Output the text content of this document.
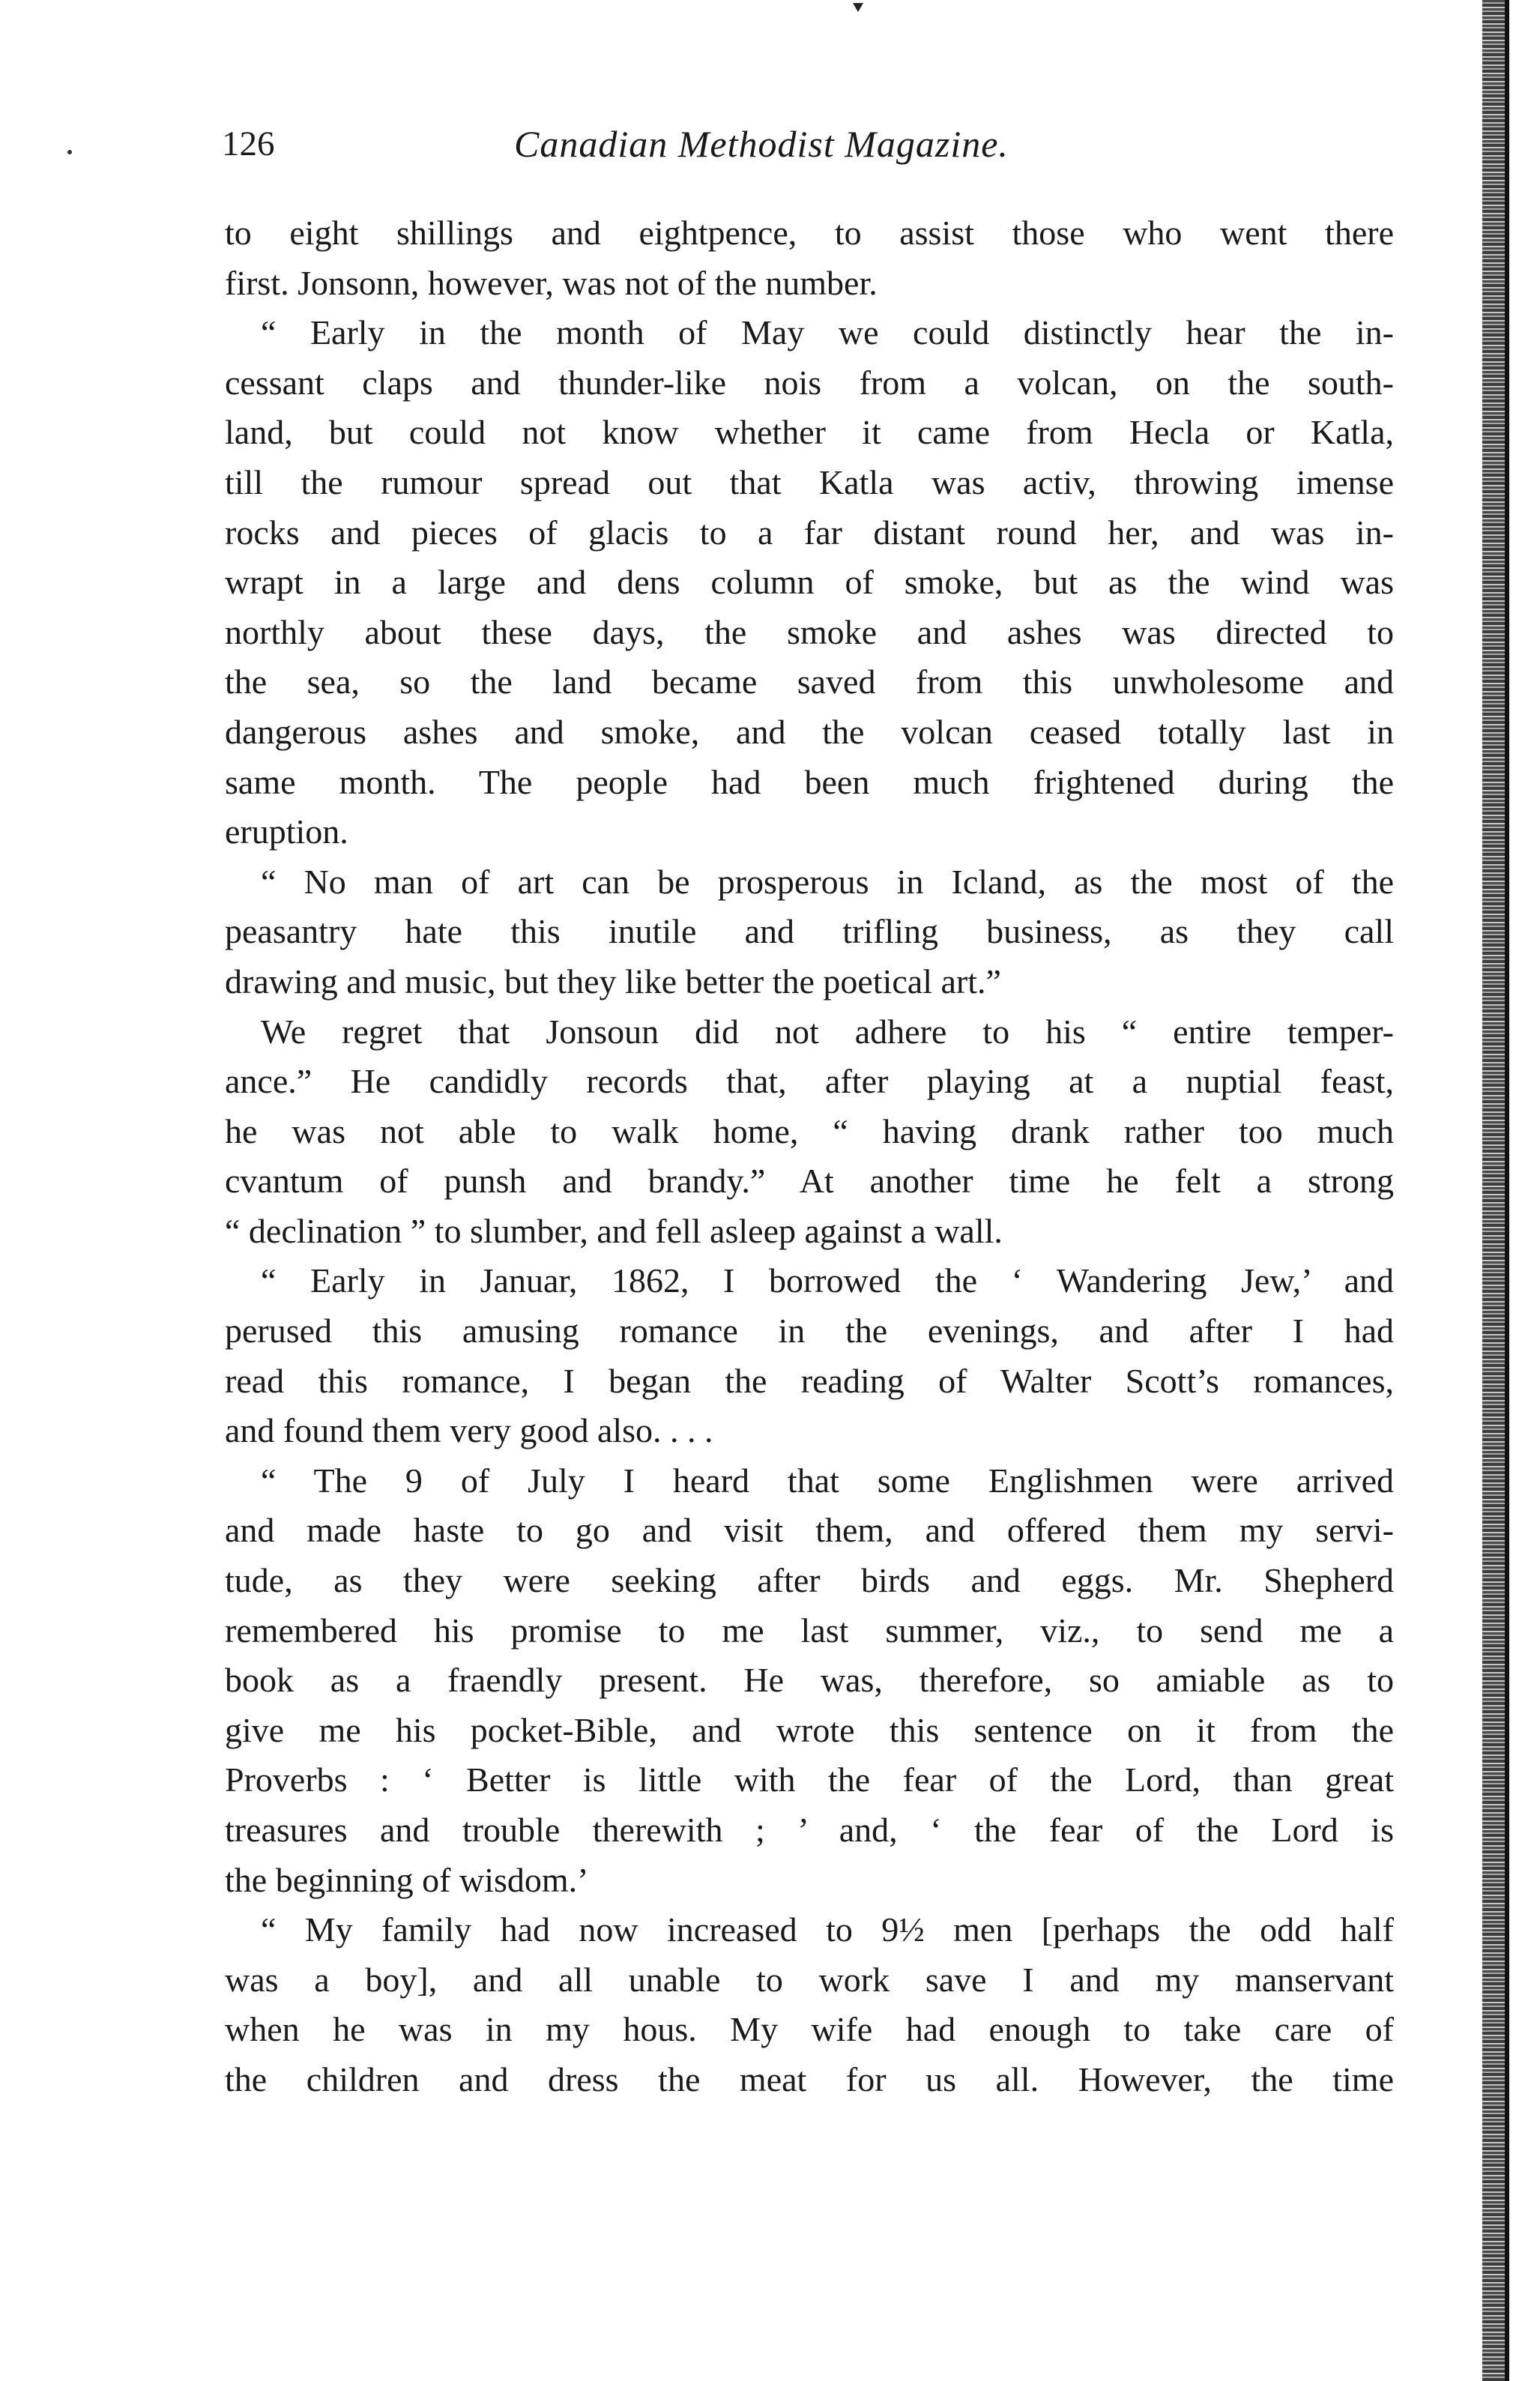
126	Canadian Methodist Magazine.
to eight shillings and eightpence, to assist those who went there
first. Jonsonn, however, was not of the number.
“ Early in the month of May we could distinctly hear the in-
cessant claps and thunder-like nois from a volcan, on the south-
land, but could not know whether it came from Hecla or Katla,
till the rumour spread out that Katla was activ, throwing imense
rocks and pieces of glacis to a far distant round her, and was in-
wrapt in a large and dens column of smoke, but as the wind was
northly about these days, the smoke and ashes was directed to
the sea, so the land became saved from this unwholesome and
dangerous ashes and smoke, and the volcan ceased totally last in
same month. The people had been much frightened during the
eruption.
“ No man of art can be prosperous in Icland, as the most of the
peasantry hate this inutile and trifling business, as they call
drawing and music, but they like better the poetical art.”
We regret that Jonsoun did not adhere to his “ entire temper-
ance.” He candidly records that, after playing at a nuptial feast,
he was not able to walk home, “ having drank rather too much
cvantum of punsh and brandy.” At another time he felt a strong
“ declination ” to slumber, and fell asleep against a wall.
“ Early in Januar, 1862, I borrowed the ‘ Wandering Jew,’ and
perused this amusing romance in the evenings, and after I had
read this romance, I began the reading of Walter Scott’s romances,
and found them very good also. . . .
“ The 9 of July I heard that some Englishmen were arrived
and made haste to go and visit them, and offered them my servi-
tude, as they were seeking after birds and eggs. Mr. Shepherd
remembered his promise to me last summer, viz., to send me a
book as a fraendly present. He was, therefore, so amiable as to
give me his pocket-Bible, and wrote this sentence on it from the
Proverbs : ‘ Better is little with the fear of the Lord, than great
treasures and trouble therewith ; ’ and, ‘ the fear of the Lord is
the beginning of wisdom.’
“ My family had now increased to 9½ men [perhaps the odd half
was a boy], and all unable to work save I and my manservant
when he was in my hous. My wife had enough to take care of
the children and dress the meat for us all. However, the time
